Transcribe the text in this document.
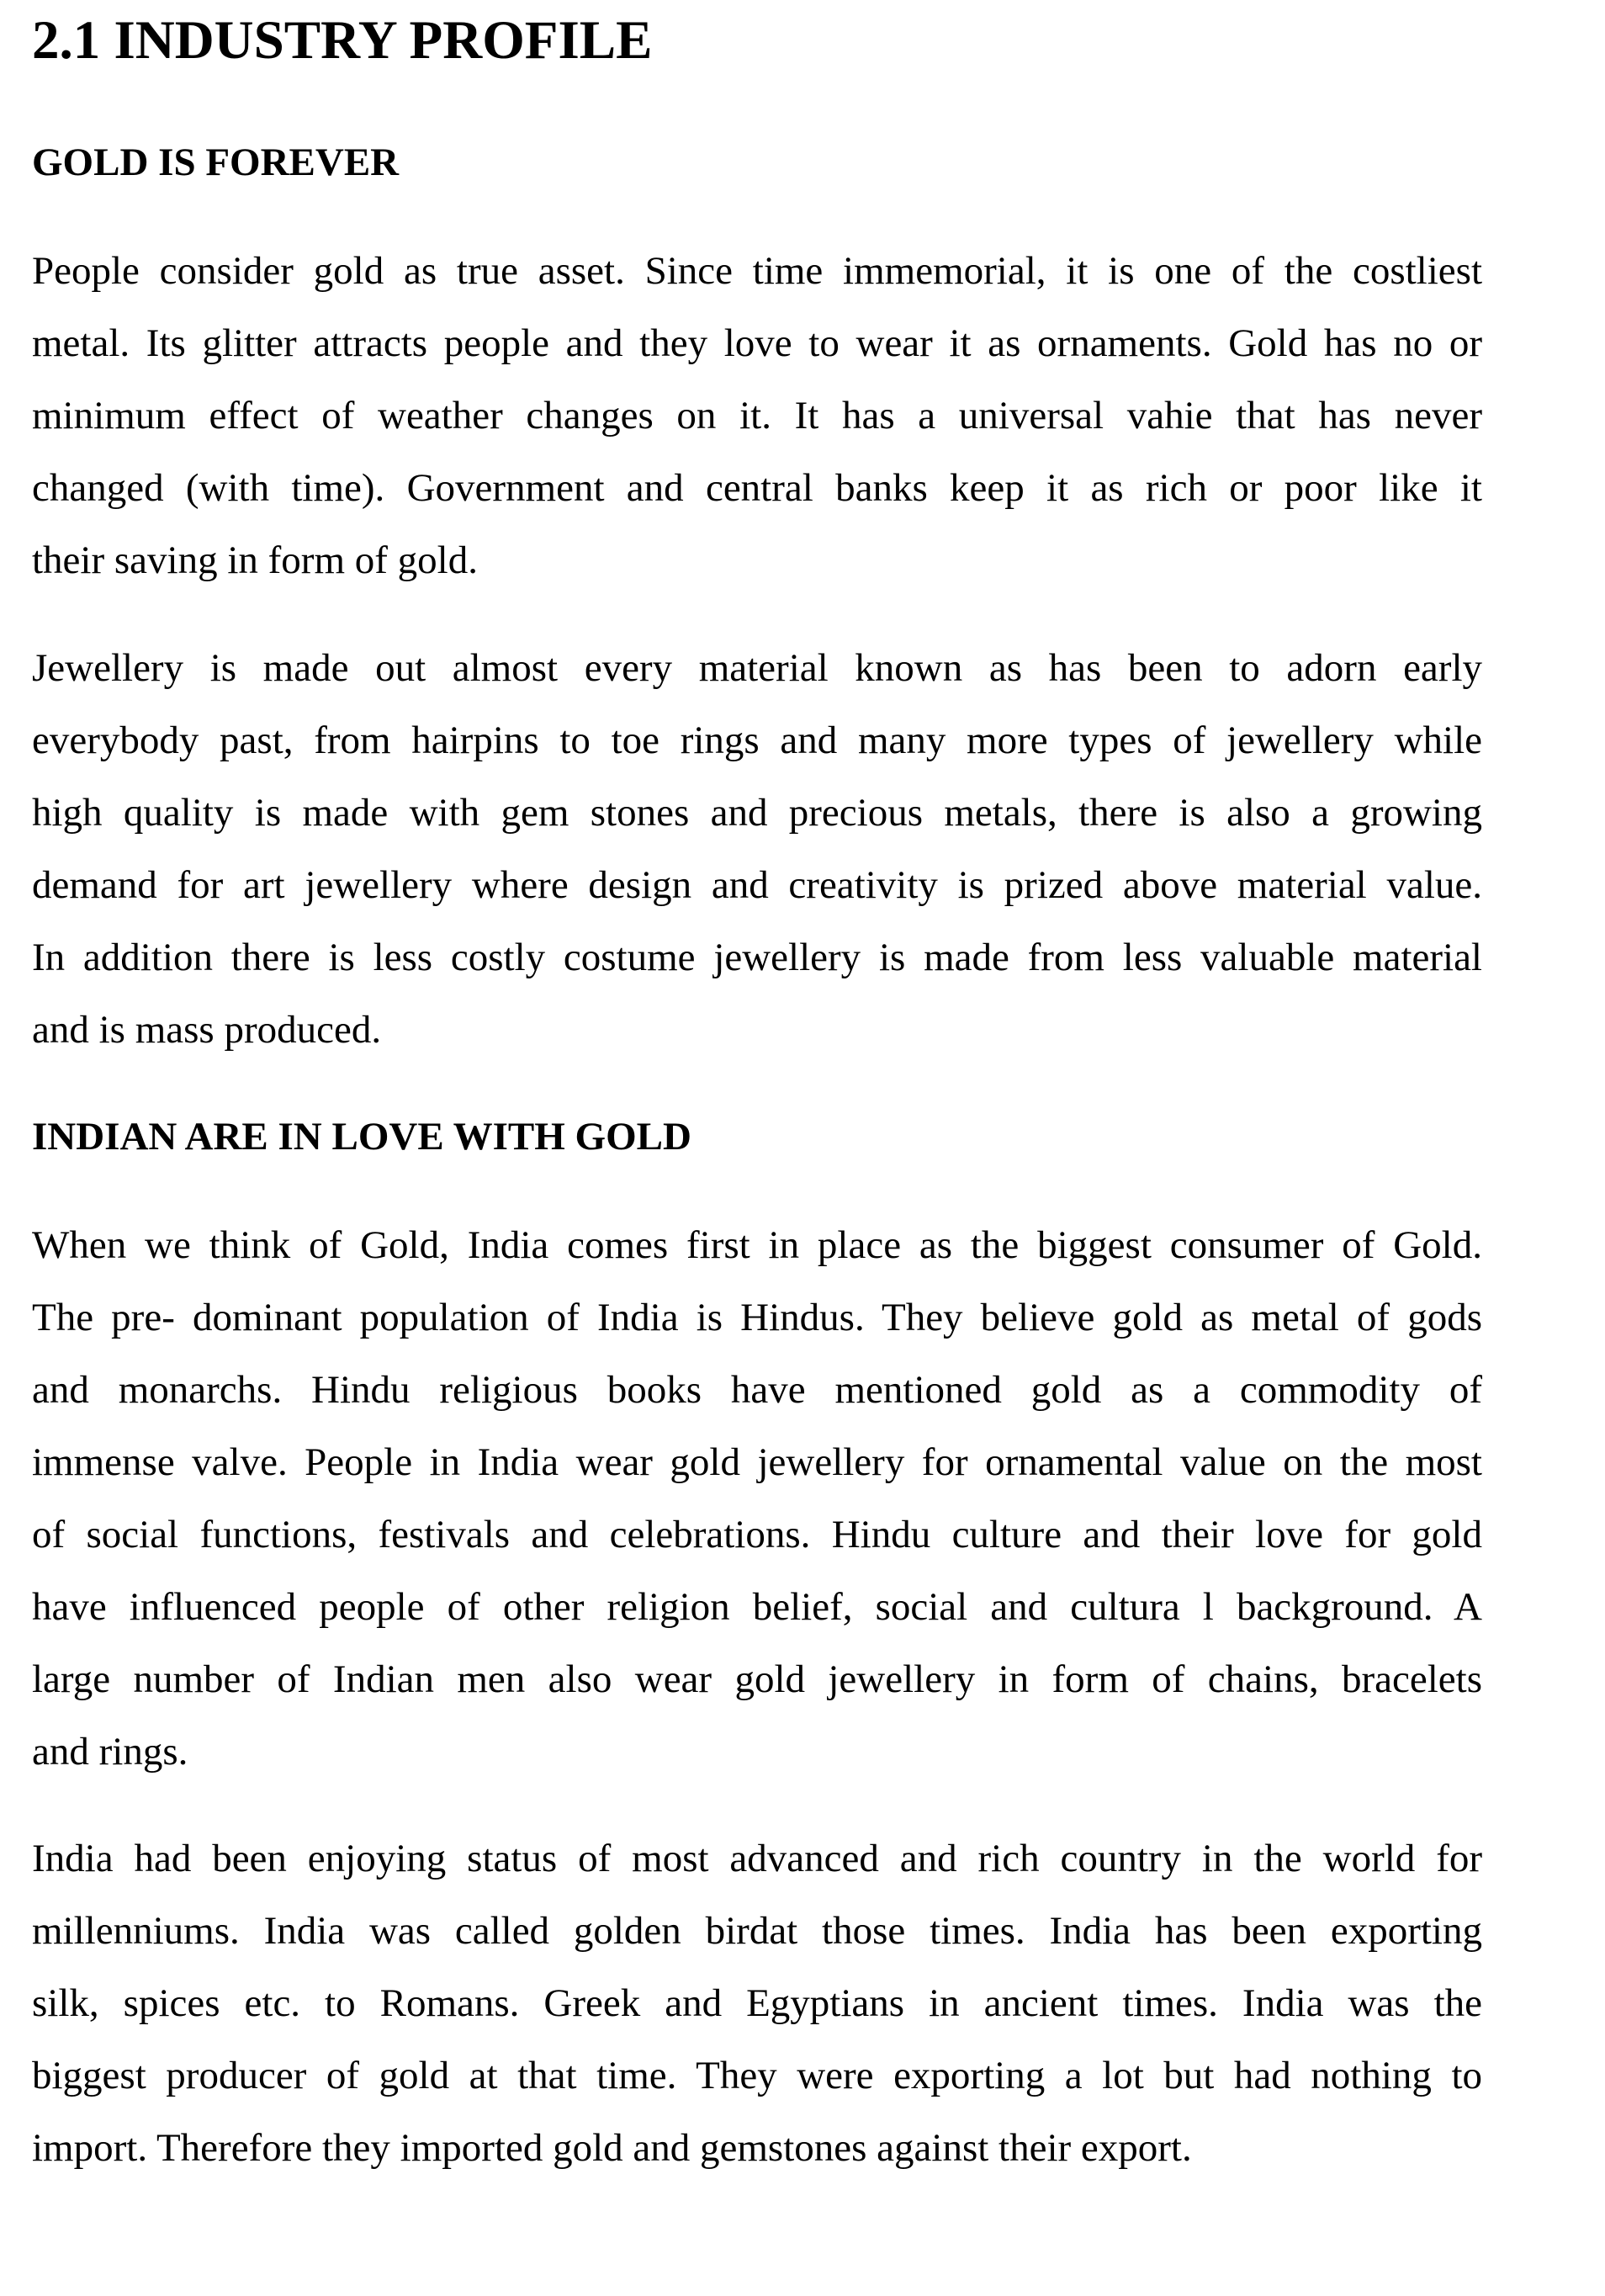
2.1 INDUSTRY PROFILE
GOLD IS FOREVER
People consider gold as true asset. Since time immemorial, it is one of the costliest
metal. Its glitter attracts people and they love to wear it as ornaments. Gold has no or
minimum effect of weather changes on it. It has a universal vahie that has never
changed (with time). Government and central banks keep it as rich or poor like it
their saving in form of gold.
Jewellery is made out almost every material known as has been to adorn early
everybody past, from hairpins to toe rings and many more types of jewellery while
high quality is made with gem stones and precious metals, there is also a growing
demand for art jewellery where design and creativity is prized above material value.
In addition there is less costly costume jewellery is made from less valuable material
and is mass produced.
INDIAN ARE IN LOVE WITH GOLD
When we think of Gold, India comes first in place as the biggest consumer of Gold.
The pre- dominant population of India is Hindus. They believe gold as metal of gods
and monarchs. Hindu religious books have mentioned gold as a commodity of
immense valve. People in India wear gold jewellery for ornamental value on the most
of social functions, festivals and celebrations. Hindu culture and their love for gold
have influenced people of other religion belief, social and cultura l background. A
large number of Indian men also wear gold jewellery in form of chains, bracelets
and rings.
India had been enjoying status of most advanced and rich country in the world for
millenniums. India was called golden birdat those times. India has been exporting
silk, spices etc. to Romans. Greek and Egyptians in ancient times. India was the
biggest producer of gold at that time. They were exporting a lot but had nothing to
import. Therefore they imported gold and gemstones against their export.
